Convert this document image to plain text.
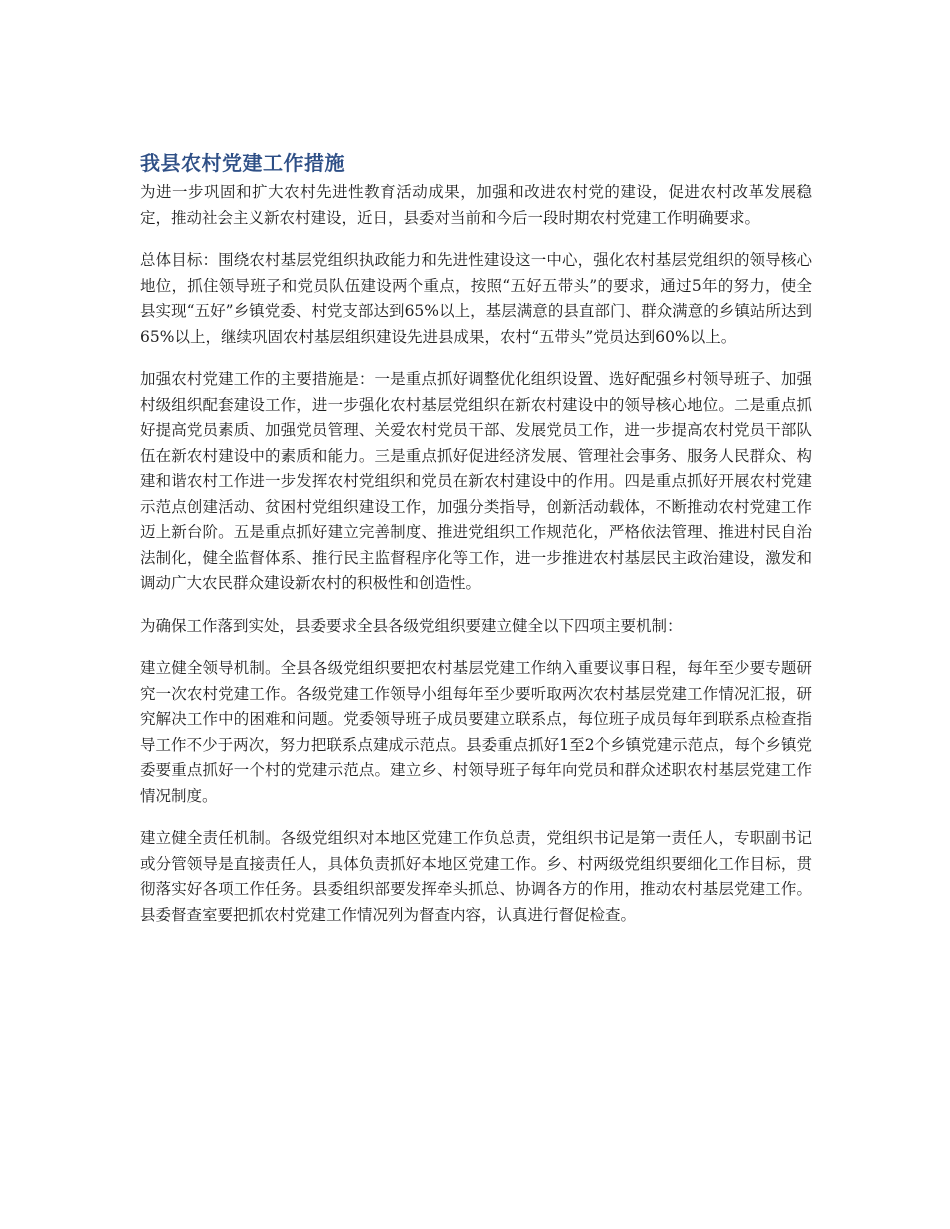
我县农村党建工作措施

为进一步巩固和扩大农村先进性教育活动成果，加强和改进农村党的建设，促进农村改革发展稳定，推动社会主义新农村建设，近日，县委对当前和今后一段时期农村党建工作明确要求。

总体目标：围绕农村基层党组织执政能力和先进性建设这一中心，强化农村基层党组织的领导核心地位，抓住领导班子和党员队伍建设两个重点，按照“五好五带头”的要求，通过5年的努力，使全县实现“五好”乡镇党委、村党支部达到65%以上，基层满意的县直部门、群众满意的乡镇站所达到65%以上，继续巩固农村基层组织建设先进县成果，农村“五带头”党员达到60%以上。

加强农村党建工作的主要措施是：一是重点抓好调整优化组织设置、选好配强乡村领导班子、加强村级组织配套建设工作，进一步强化农村基层党组织在新农村建设中的领导核心地位。二是重点抓好提高党员素质、加强党员管理、关爱农村党员干部、发展党员工作，进一步提高农村党员干部队伍在新农村建设中的素质和能力。三是重点抓好促进经济发展、管理社会事务、服务人民群众、构建和谐农村工作进一步发挥农村党组织和党员在新农村建设中的作用。四是重点抓好开展农村党建示范点创建活动、贫困村党组织建设工作，加强分类指导，创新活动载体，不断推动农村党建工作迈上新台阶。五是重点抓好建立完善制度、推进党组织工作规范化，严格依法管理、推进村民自治法制化，健全监督体系、推行民主监督程序化等工作，进一步推进农村基层民主政治建设，激发和调动广大农民群众建设新农村的积极性和创造性。

为确保工作落到实处，县委要求全县各级党组织要建立健全以下四项主要机制：

建立健全领导机制。全县各级党组织要把农村基层党建工作纳入重要议事日程，每年至少要专题研究一次农村党建工作。各级党建工作领导小组每年至少要听取两次农村基层党建工作情况汇报，研究解决工作中的困难和问题。党委领导班子成员要建立联系点，每位班子成员每年到联系点检查指导工作不少于两次，努力把联系点建成示范点。县委重点抓好1至2个乡镇党建示范点，每个乡镇党委要重点抓好一个村的党建示范点。建立乡、村领导班子每年向党员和群众述职农村基层党建工作情况制度。

建立健全责任机制。各级党组织对本地区党建工作负总责，党组织书记是第一责任人，专职副书记或分管领导是直接责任人，具体负责抓好本地区党建工作。乡、村两级党组织要细化工作目标，贯彻落实好各项工作任务。县委组织部要发挥牵头抓总、协调各方的作用，推动农村基层党建工作。县委督查室要把抓农村党建工作情况列为督查内容，认真进行督促检查。
